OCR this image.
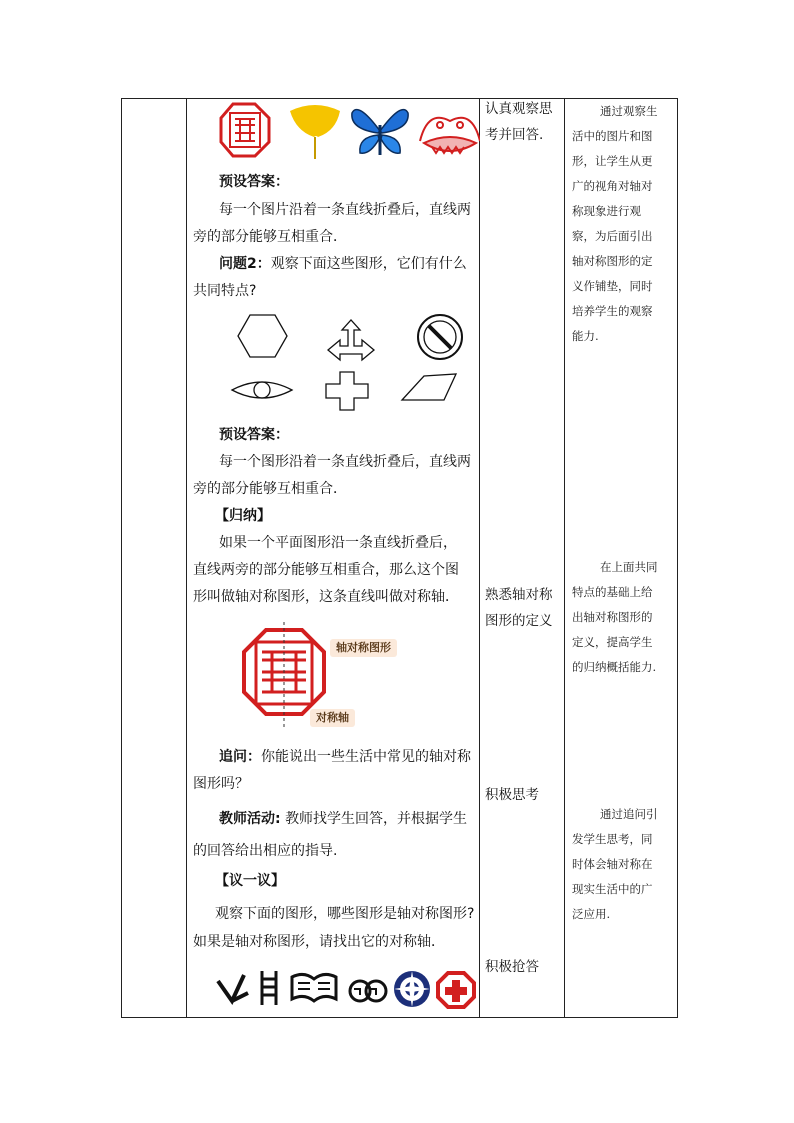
预设答案：
每一个图片沿着一条直线折叠后，直线两
旁的部分能够互相重合．
问题2：观察下面这些图形，它们有什么
共同特点?
预设答案：
每一个图形沿着一条直线折叠后，直线两
旁的部分能够互相重合．
【归纳】
如果一个平面图形沿一条直线折叠后，
直线两旁的部分能够互相重合，那么这个图
形叫做轴对称图形，这条直线叫做对称轴．
轴对称图形
对称轴
追问：你能说出一些生活中常见的轴对称
图形吗？
教师活动: 教师找学生回答，并根据学生
的回答给出相应的指导.
【议一议】
观察下面的图形，哪些图形是轴对称图形?
如果是轴对称图形，请找出它的对称轴．
认真观察思
考并回答.
熟悉轴对称
图形的定义
积极思考
积极抢答
通过观察生
活中的图片和图
形，让学生从更
广的视角对轴对
称现象进行观
察，为后面引出
轴对称图形的定
义作铺垫，同时
培养学生的观察
能力.
在上面共同
特点的基础上给
出轴对称图形的
定义，提高学生
的归纳概括能力.
通过追问引
发学生思考，同
时体会轴对称在
现实生活中的广
泛应用.
